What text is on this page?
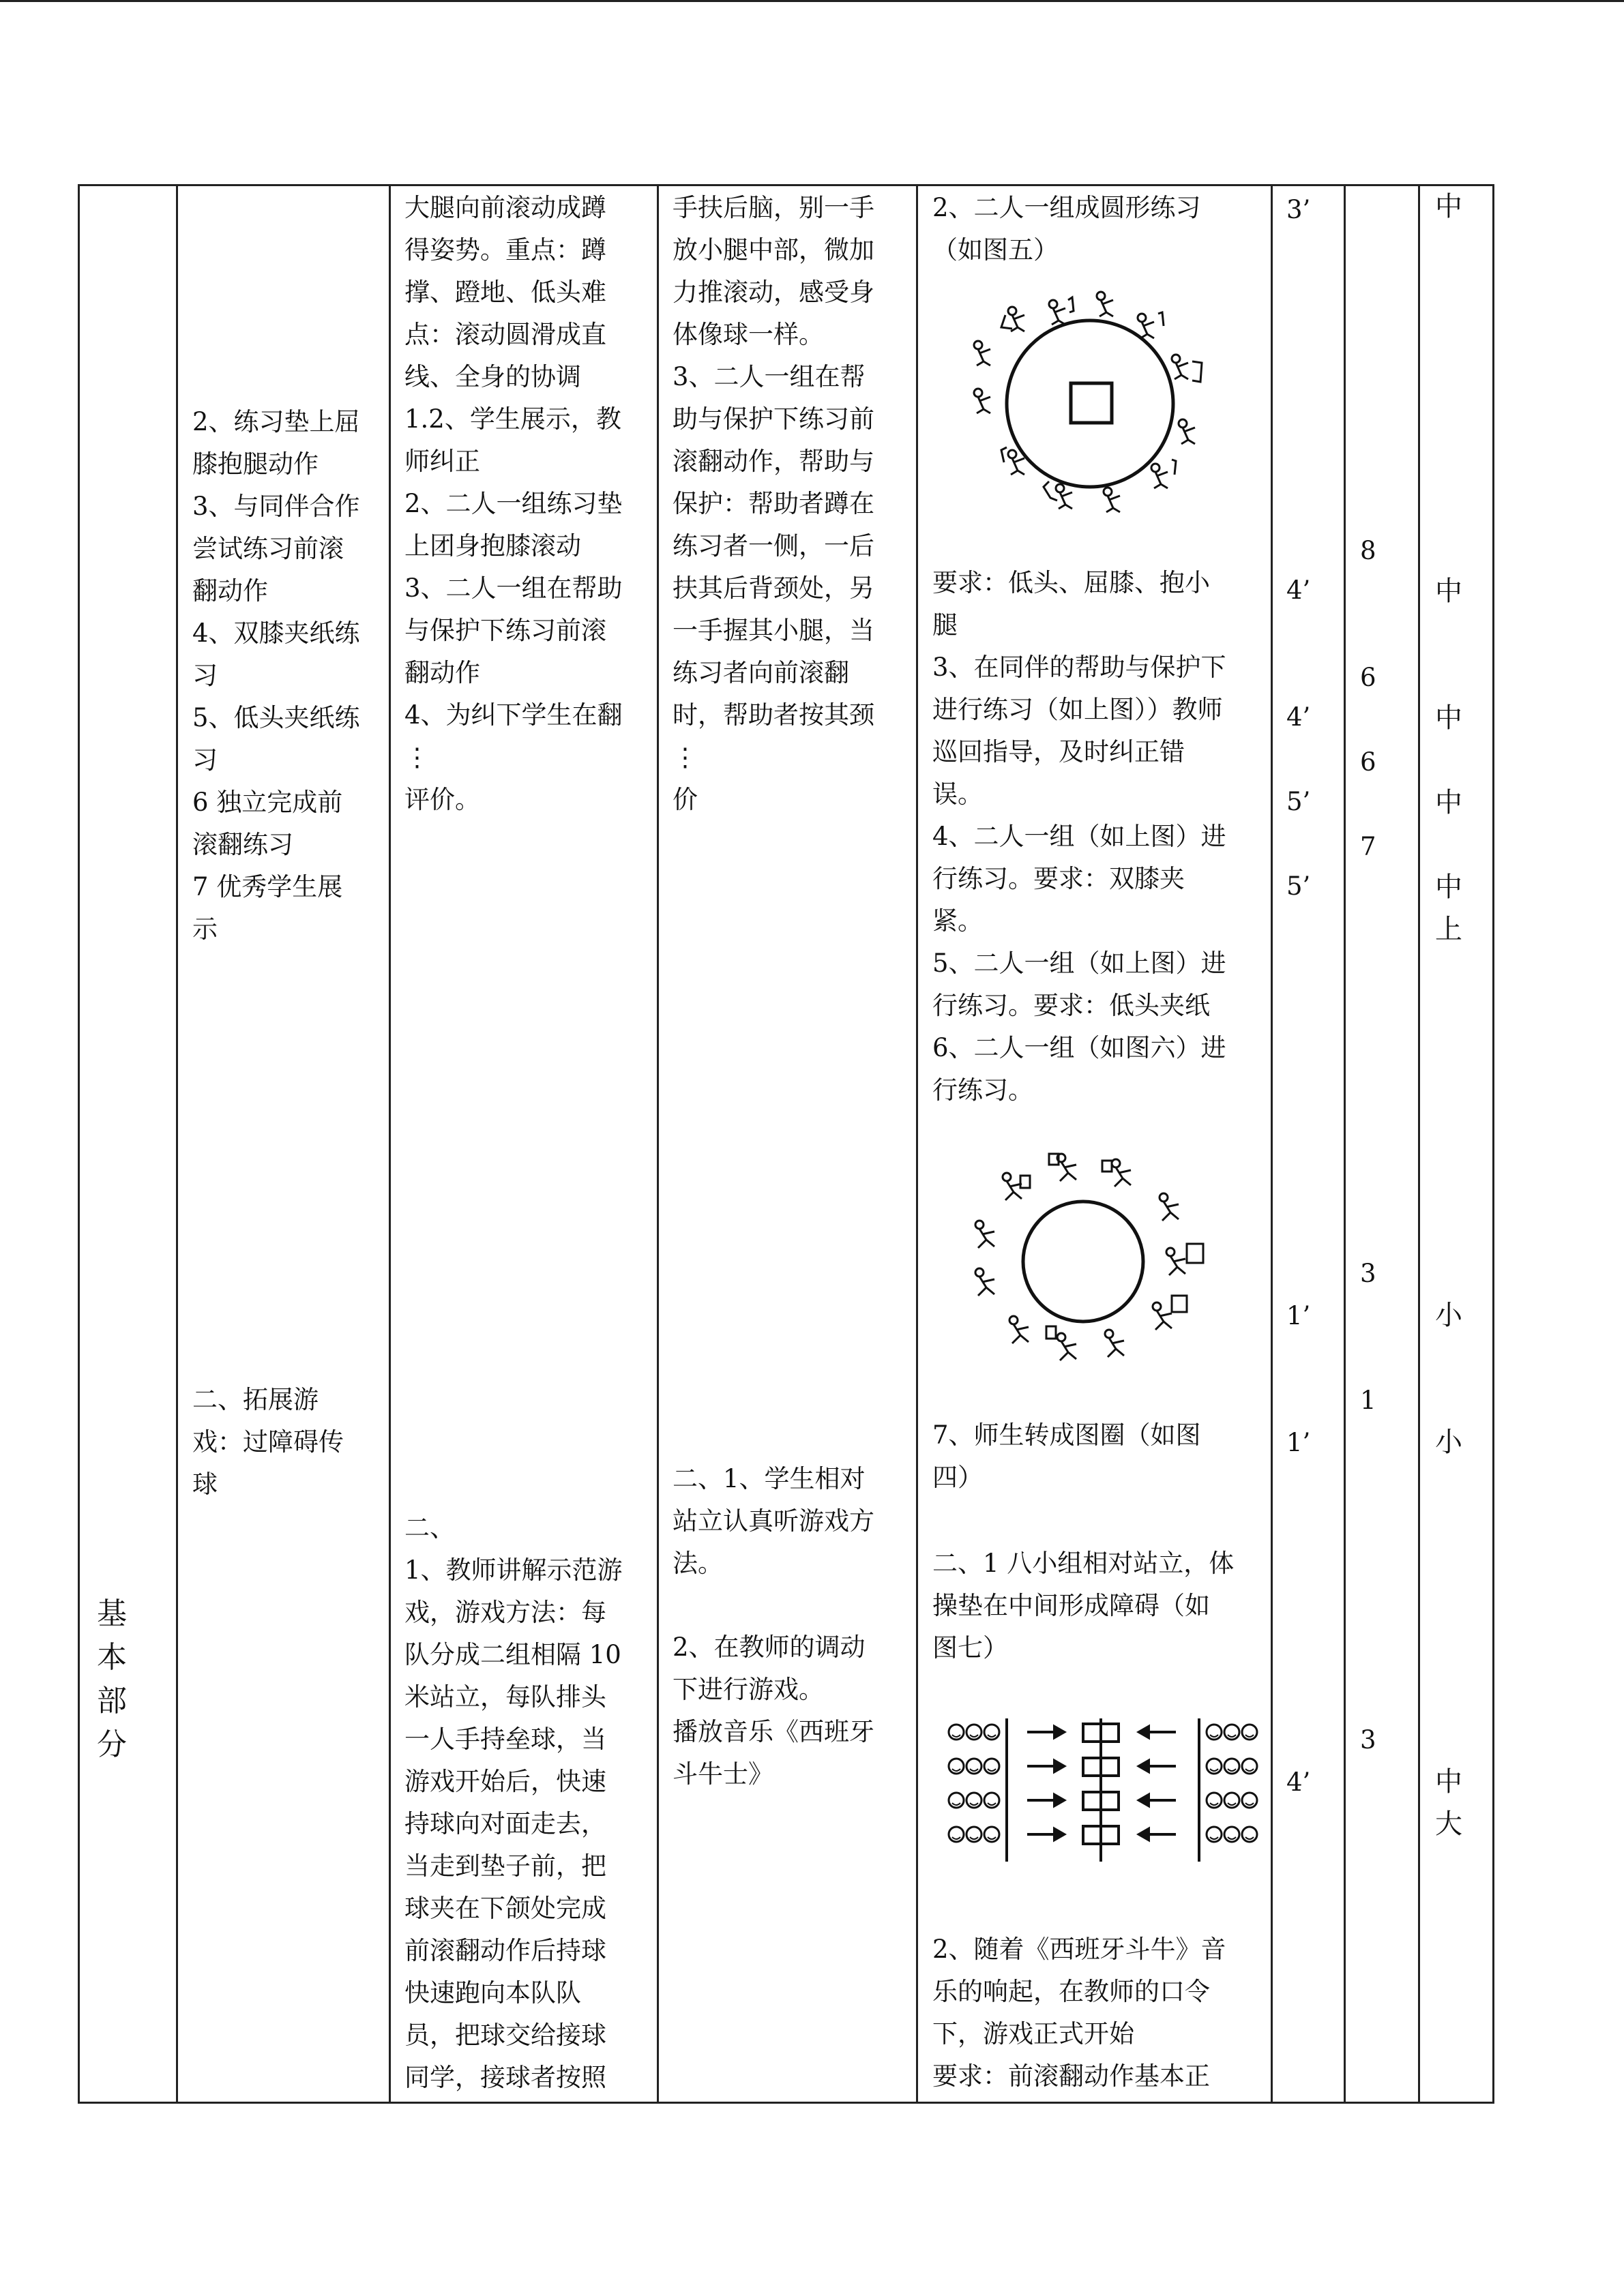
基
本
部
分
2、练习垫上屈
膝抱腿动作
3、与同伴合作
尝试练习前滚
翻动作
4、双膝夹纸练
习
5、低头夹纸练
习
6 独立完成前
滚翻练习
7 优秀学生展
示
二、拓展游
戏：过障碍传
球
大腿向前滚动成蹲
得姿势。重点：蹲
撑、蹬地、低头难
点：滚动圆滑成直
线、全身的协调
1.2、学生展示，教
师纠正
2、二人一组练习垫
上团身抱膝滚动
3、二人一组在帮助
与保护下练习前滚
翻动作
4、为纠下学生在翻
⋮
评价。
二、
1、教师讲解示范游
戏，游戏方法：每
队分成二组相隔 10
米站立，每队排头
一人手持垒球，当
游戏开始后，快速
持球向对面走去，
当走到垫子前，把
球夹在下颌处完成
前滚翻动作后持球
快速跑向本队队
员，把球交给接球
同学，接球者按照
手扶后脑，别一手
放小腿中部，微加
力推滚动，感受身
体像球一样。
3、二人一组在帮
助与保护下练习前
滚翻动作，帮助与
保护：帮助者蹲在
练习者一侧，一后
扶其后背颈处，另
一手握其小腿，当
练习者向前滚翻
时，帮助者按其颈
⋮
价
二、1、学生相对
站立认真听游戏方
法。
2、在教师的调动
下进行游戏。
播放音乐《西班牙
斗牛士》
2、二人一组成圆形练习
（如图五）
要求：低头、屈膝、抱小
腿
3、在同伴的帮助与保护下
进行练习（如上图））教师
巡回指导，及时纠正错
误。
4、二人一组（如上图）进
行练习。要求：双膝夹
紧。
5、二人一组（如上图）进
行练习。要求：低头夹纸
6、二人一组（如图六）进
行练习。
7、师生转成图圈（如图
四）
二、1 八小组相对站立，体
操垫在中间形成障碍（如
图七）
2、随着《西班牙斗牛》音
乐的响起，在教师的口令
下，游戏正式开始
要求：前滚翻动作基本正
3’
4’
4’
5’
5’
1’
1’
4’
8
6
6
7
3
1
3
中
中
中
中
中
上
小
小
中
大
